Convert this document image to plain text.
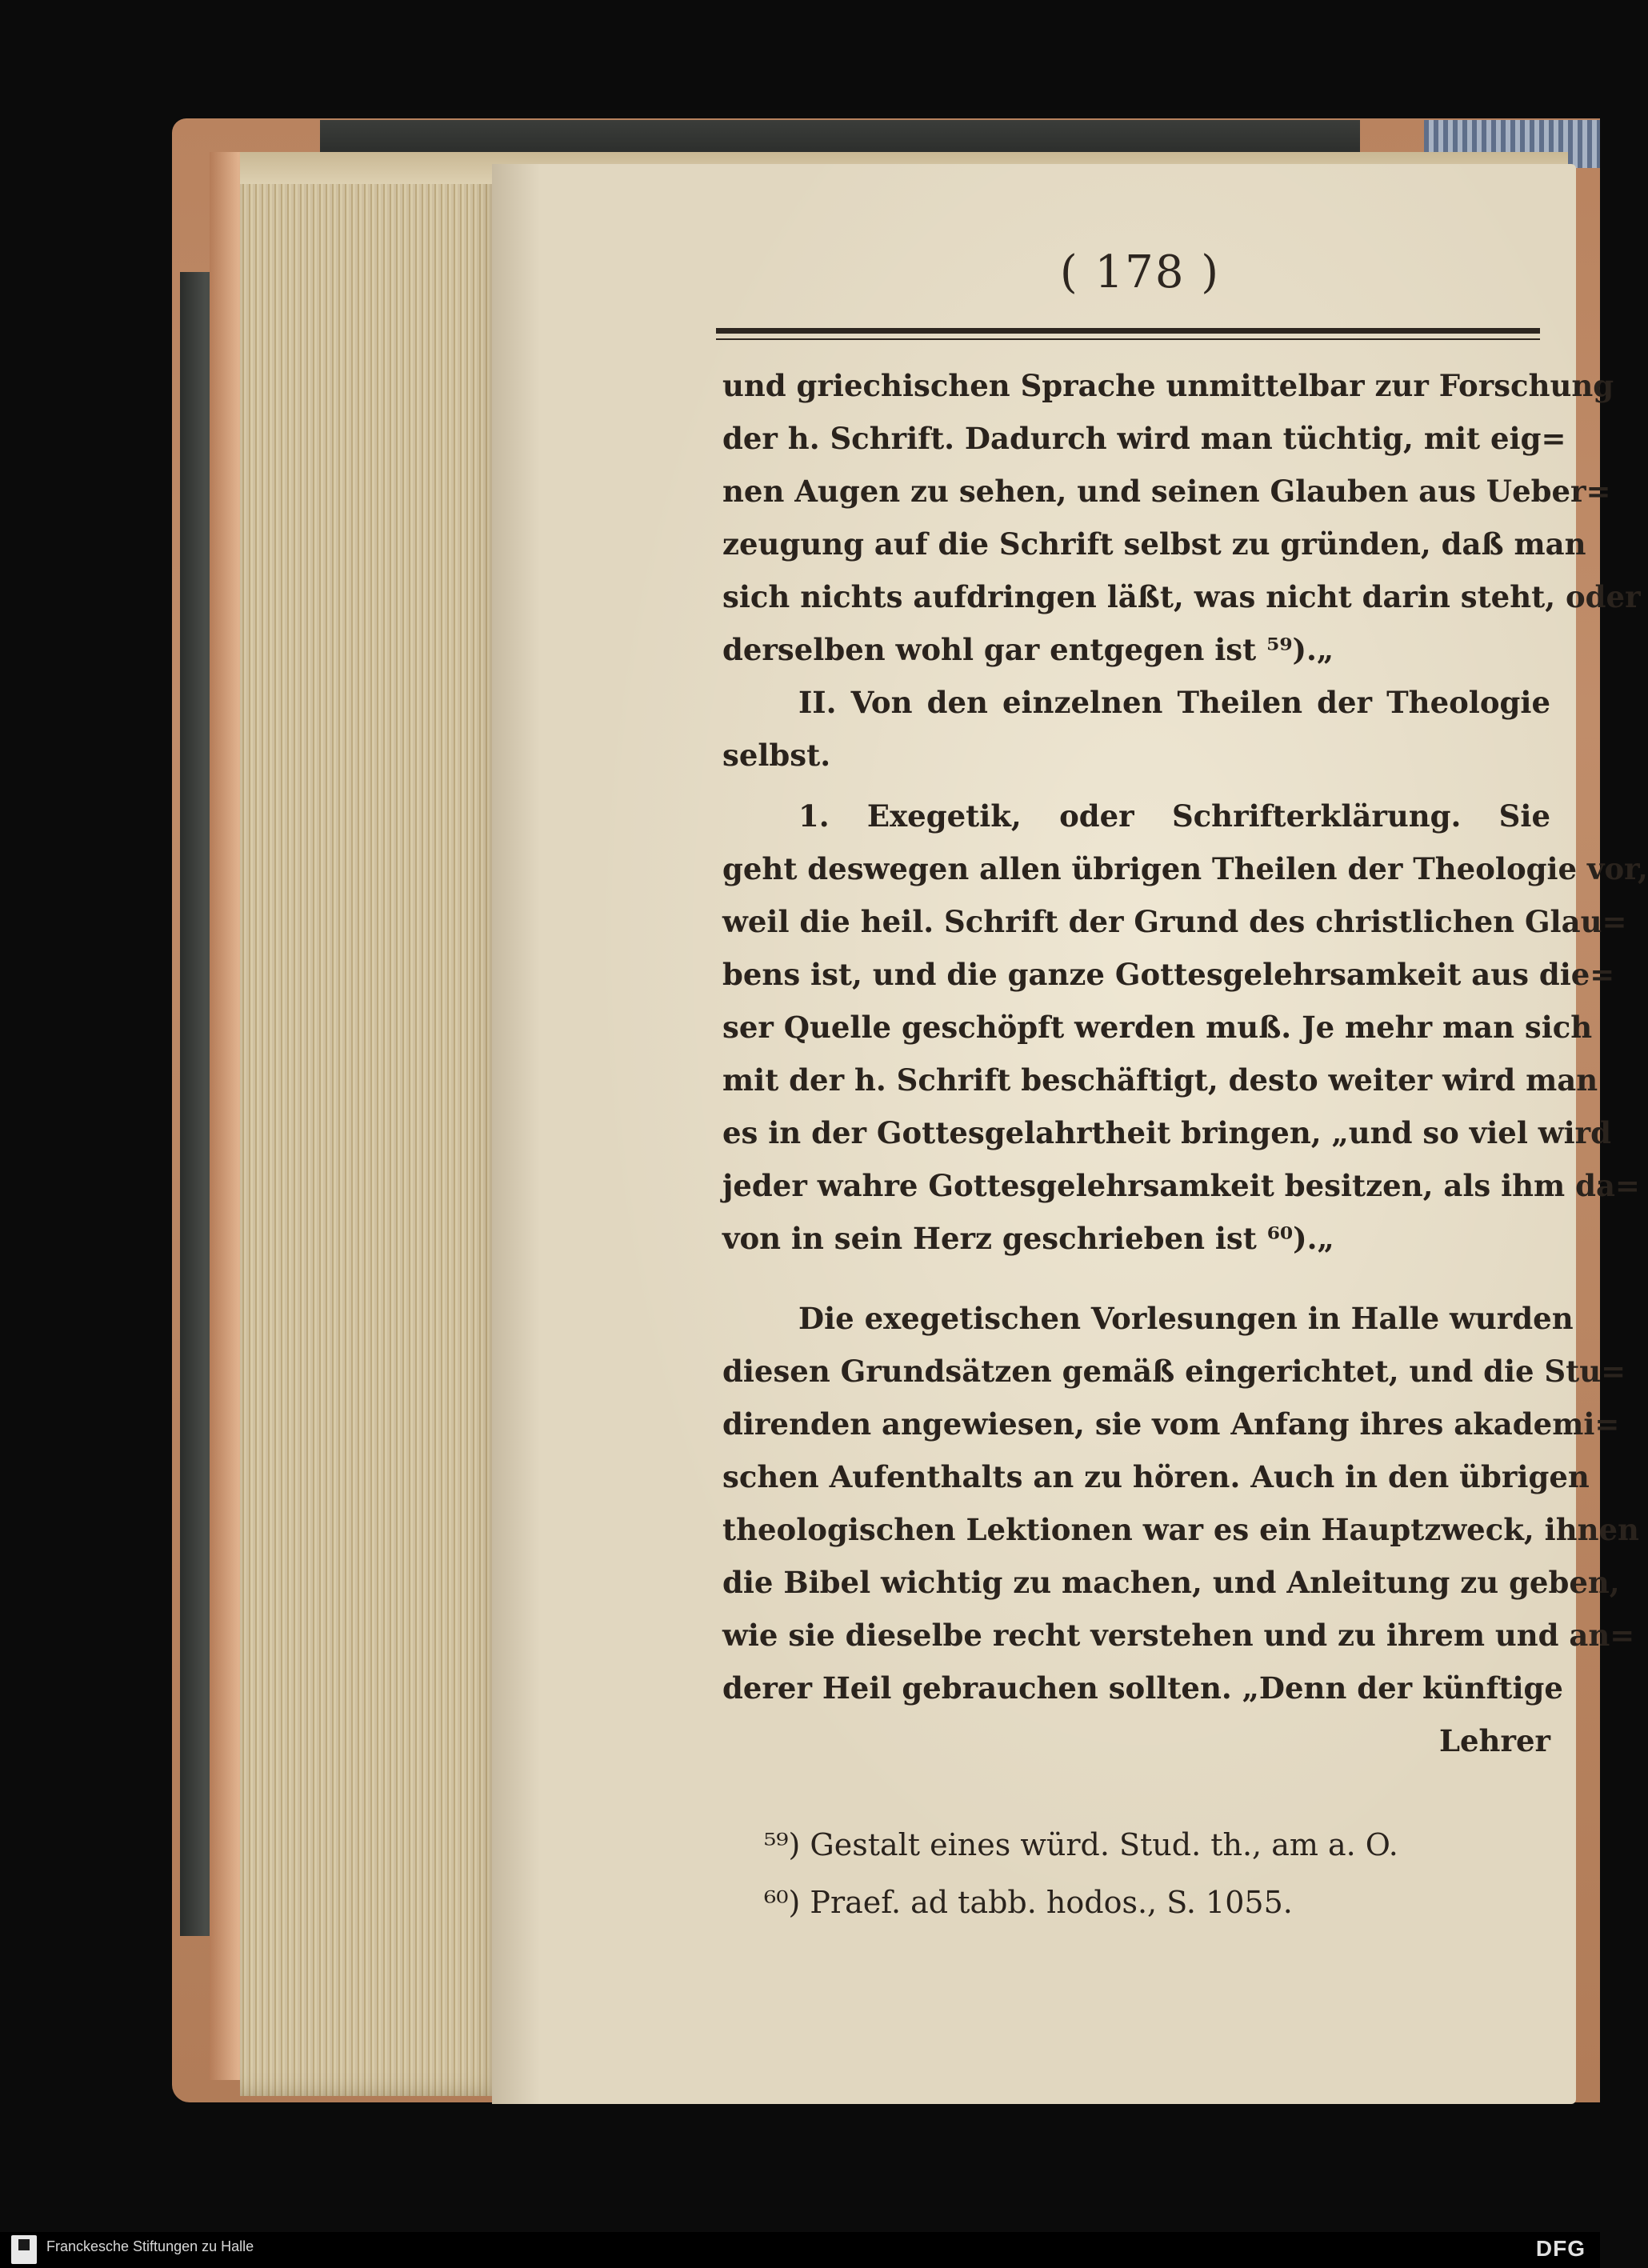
( 178 )
und griechischen Sprache unmittelbar zur Forschung
der h. Schrift. Dadurch wird man tüchtig, mit eig=
nen Augen zu sehen, und seinen Glauben aus Ueber=
zeugung auf die Schrift selbst zu gründen, daß man
sich nichts aufdringen läßt, was nicht darin steht, oder
derselben wohl gar entgegen ist ⁵⁹).„
II. Von den einzelnen Theilen der Theologie
selbst.
1. Exegetik, oder Schrifterklärung. Sie
geht deswegen allen übrigen Theilen der Theologie vor,
weil die heil. Schrift der Grund des christlichen Glau=
bens ist, und die ganze Gottesgelehrsamkeit aus die=
ser Quelle geschöpft werden muß. Je mehr man sich
mit der h. Schrift beschäftigt, desto weiter wird man
es in der Gottesgelahrtheit bringen, „und so viel wird
jeder wahre Gottesgelehrsamkeit besitzen, als ihm da=
von in sein Herz geschrieben ist ⁶⁰).„
Die exegetischen Vorlesungen in Halle wurden
diesen Grundsätzen gemäß eingerichtet, und die Stu=
direnden angewiesen, sie vom Anfang ihres akademi=
schen Aufenthalts an zu hören. Auch in den übrigen
theologischen Lektionen war es ein Hauptzweck, ihnen
die Bibel wichtig zu machen, und Anleitung zu geben,
wie sie dieselbe recht verstehen und zu ihrem und an=
derer Heil gebrauchen sollten. „Denn der künftige
Lehrer
⁵⁹) Gestalt eines würd. Stud. th., am a. O.
⁶⁰) Praef. ad tabb. hodos., S. 1055.
Franckesche Stiftungen zu Halle	DFG
